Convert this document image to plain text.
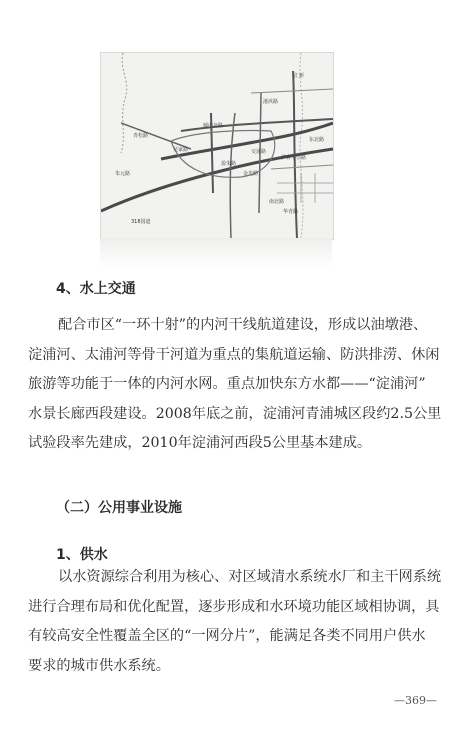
汇新
港浜路
青松路
吴家路
城中北路
盈朱路
金光路
交通路
朱元路
沪青平公路
东北路
南北路
华青路
318国道
4、水上交通
配合市区“一环十射”的内河干线航道建设，形成以油墩港、
淀浦河、太浦河等骨干河道为重点的集航道运输、防洪排涝、休闲
旅游等功能于一体的内河水网。重点加快东方水都——“淀浦河”
水景长廊西段建设。2008年底之前，淀浦河青浦城区段约2.5公里
试验段率先建成，2010年淀浦河西段5公里基本建成。
（二）公用事业设施
1、供水
以水资源综合利用为核心、对区域清水系统水厂和主干网系统
进行合理布局和优化配置，逐步形成和水环境功能区域相协调，具
有较高安全性覆盖全区的“一网分片”，能满足各类不同用户供水
要求的城市供水系统。
—369—
